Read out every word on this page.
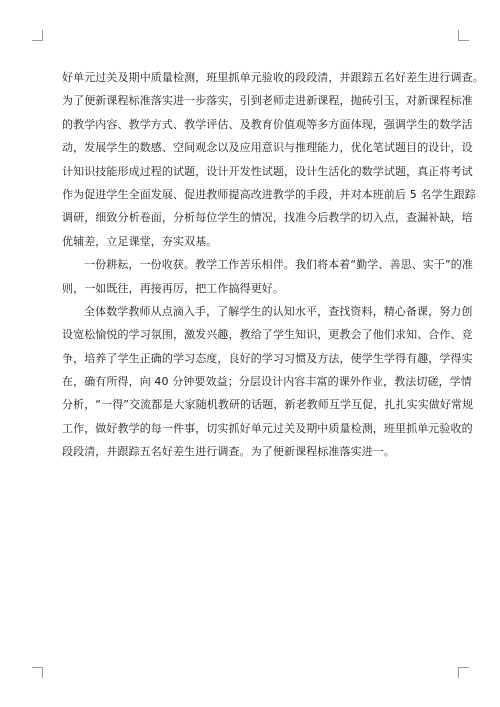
好单元过关及期中质量检测，班里抓单元验收的段段清，并跟踪五名好差生进行调查。
为了便新课程标准落实进一步落实，引到老师走进新课程，抛砖引玉，对新课程标准
的教学内容、教学方式、教学评估、及教育价值观等多方面体现，强调学生的数学活
动，发展学生的数感、空间观念以及应用意识与推理能力，优化笔试题目的设计，设
计知识技能形成过程的试题，设计开发性试题，设计生活化的数学试题，真正将考试
作为促进学生全面发展、促进教师提高改进教学的手段，并对本班前后 5 名学生跟踪
调研，细致分析卷面，分析每位学生的情况，找准今后教学的切入点，查漏补缺，培
优辅差，立足课堂，夯实双基。
一份耕耘，一份收获。教学工作苦乐相伴。我们将本着“勤学、善思、实干”的准
则，一如既往，再接再厉，把工作搞得更好。
全体数学教师从点滴入手，了解学生的认知水平，查找资料，精心备课，努力创
设宽松愉悦的学习氛围，激发兴趣，教给了学生知识，更教会了他们求知、合作、竞
争，培养了学生正确的学习态度，良好的学习习惯及方法，使学生学得有趣，学得实
在，确有所得，向 40 分钟要效益；分层设计内容丰富的课外作业，教法切磋，学情
分析，“一得”交流都是大家随机教研的话题，新老教师互学互促，扎扎实实做好常规
工作，做好教学的每一件事，切实抓好单元过关及期中质量检测，班里抓单元验收的
段段清，并跟踪五名好差生进行调查。为了便新课程标准落实进一。
